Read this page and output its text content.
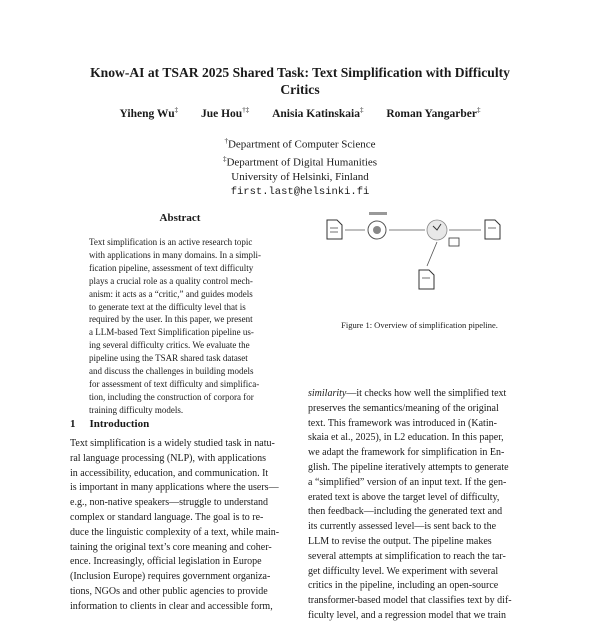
Know-AI at TSAR 2025 Shared Task: Text Simplification with Difficulty
Critics
Yiheng Wu‡ Jue Hou†‡ Anisia Katinskaia‡ Roman Yangarber‡
†Department of Computer Science
‡Department of Digital Humanities
University of Helsinki, Finland
first.last@helsinki.fi
Abstract

Text simplification is an active research topic

with applications in many domains. In a simpli-

fication pipeline, assessment of text difficulty

plays a crucial role as a quality control mech-

anism: it acts as a “critic,” and guides models

to generate text at the difficulty level that is

required by the user. In this paper, we present

a LLM-based Text Simplification pipeline us-

ing several difficulty critics. We evaluate the

pipeline using the TSAR shared task dataset

and discuss the challenges in building models

for assessment of text difficulty and simplifica-

tion, including the construction of corpora for

training difficulty models.

1 Introduction

Text simplification is a widely studied task in natu-

ral language processing (NLP), with applications

in accessibility, education, and communication. It

is important in many applications where the users—

e.g., non-native speakers—struggle to understand

complex or standard language. The goal is to re-

duce the linguistic complexity of a text, while main-

taining the original text’s core meaning and coher-

ence. Increasingly, official legislation in Europe

(Inclusion Europe) requires government organiza-

tions, NGOs and other public agencies to provide

information to clients in clear and accessible form,

Figure 1: Overview of simplification pipeline.

similarity—it checks how well the simplified text

preserves the semantics/meaning of the original

text. This framework was introduced in (Katin-

skaia et al., 2025), in L2 education. In this paper,

we adapt the framework for simplification in En-

glish. The pipeline iteratively attempts to generate

a “simplified” version of an input text. If the gen-

erated text is above the target level of difficulty,

then feedback—including the generated text and

its currently assessed level—is sent back to the

LLM to revise the output. The pipeline makes

several attempts at simplification to reach the tar-

get difficulty level. We experiment with several

critics in the pipeline, including an open-source

transformer-based model that classifies text by dif-

ficulty level, and a regression model that we train
